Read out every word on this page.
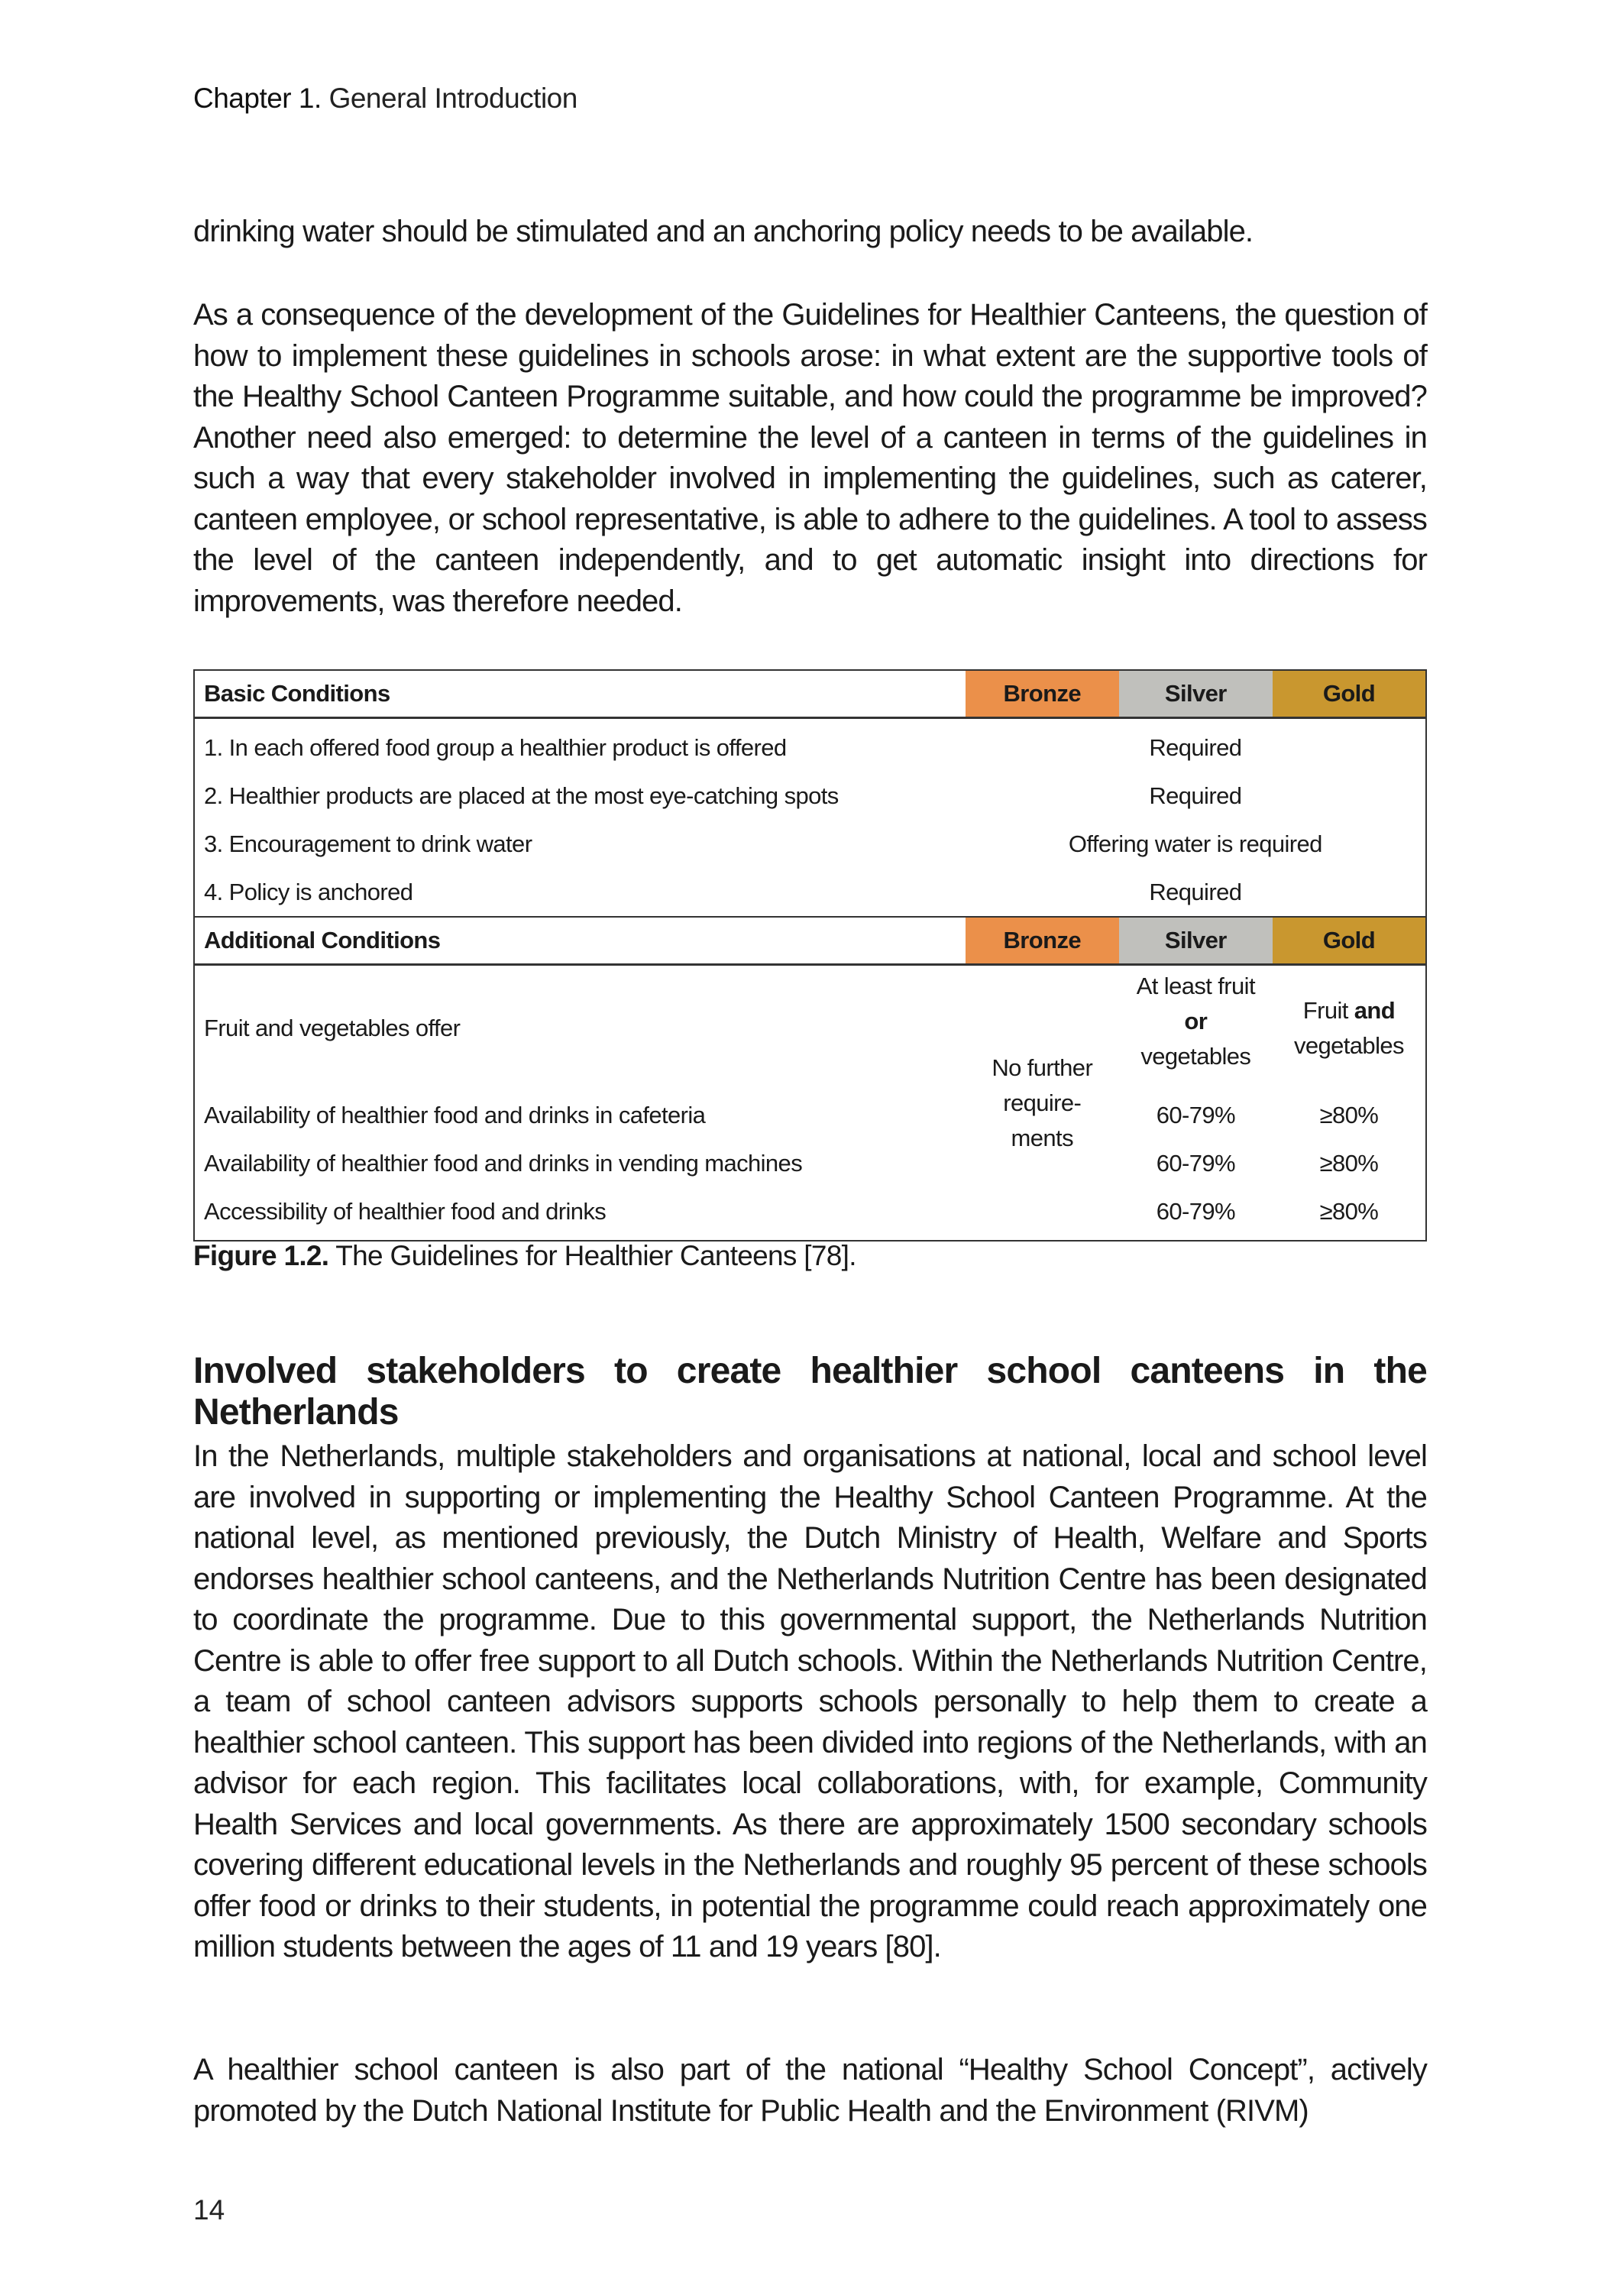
Chapter 1. General Introduction

drinking water should be stimulated and an anchoring policy needs to be available.

As a consequence of the development of the Guidelines for Healthier Canteens, the question of how to implement these guidelines in schools arose: in what extent are the supportive tools of the Healthy School Canteen Programme suitable, and how could the programme be improved? Another need also emerged: to determine the level of a canteen in terms of the guidelines in such a way that every stakeholder involved in implementing the guidelines, such as caterer, canteen employee, or school representative, is able to adhere to the guidelines. A tool to assess the level of the canteen independently, and to get automatic insight into directions for improvements, was therefore needed.

Basic Conditions	Bronze	Silver	Gold
1. In each offered food group a healthier product is offered	Required		
2. Healthier products are placed at the most eye-catching spots	Required		
3. Encouragement to drink water	Offering water is required		
4. Policy is anchored	Required		
Additional Conditions	Bronze	Silver	Gold
Fruit and vegetables offer	No further require- ments	At least fruit or vegetables	Fruit and vegetables
Availability of healthier food and drinks in cafeteria		60-79%	≥80%
Availability of healthier food and drinks in vending machines		60-79%	≥80%
Accessibility of healthier food and drinks		60-79%	≥80%
Figure 1.2. The Guidelines for Healthier Canteens [78].
Involved stakeholders to create healthier school canteens in the Netherlands

In the Netherlands, multiple stakeholders and organisations at national, local and school level are involved in supporting or implementing the Healthy School Canteen Programme. At the national level, as mentioned previously, the Dutch Ministry of Health, Welfare and Sports endorses healthier school canteens, and the Netherlands Nutrition Centre has been designated to coordinate the programme. Due to this governmental support, the Netherlands Nutrition Centre is able to offer free support to all Dutch schools. Within the Netherlands Nutrition Centre, a team of school canteen advisors supports schools personally to help them to create a healthier school canteen. This support has been divided into regions of the Netherlands, with an advisor for each region. This facilitates local collaborations, with, for example, Community Health Services and local governments. As there are approximately 1500 secondary schools covering different educational levels in the Netherlands and roughly 95 percent of these schools offer food or drinks to their students, in potential the programme could reach approximately one million students between the ages of 11 and 19 years [80].

A healthier school canteen is also part of the national “Healthy School Concept”, actively promoted by the Dutch National Institute for Public Health and the Environment (RIVM)

14
